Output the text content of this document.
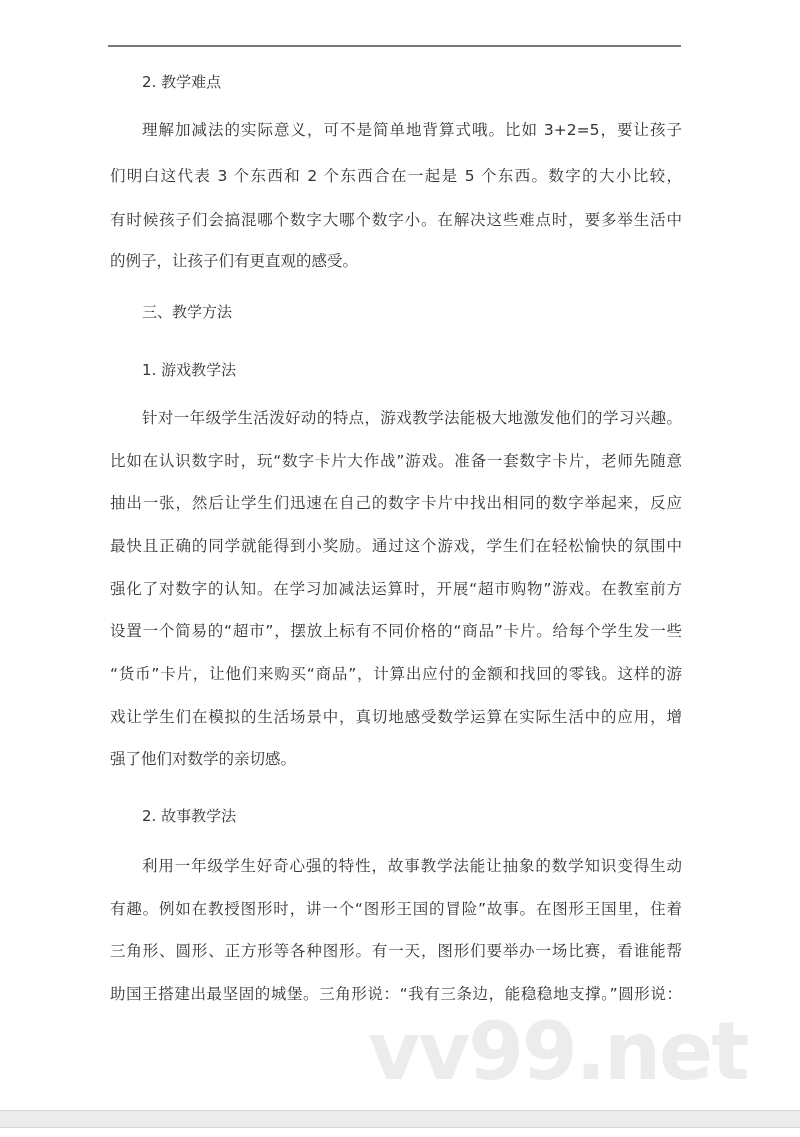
2. 教学难点
理解加减法的实际意义，可不是简单地背算式哦。比如 3+2=5，要让孩子
们明白这代表 3 个东西和 2 个东西合在一起是 5 个东西。数字的大小比较，
有时候孩子们会搞混哪个数字大哪个数字小。在解决这些难点时，要多举生活中
的例子，让孩子们有更直观的感受。
三、教学方法
1. 游戏教学法
针对一年级学生活泼好动的特点，游戏教学法能极大地激发他们的学习兴趣。
比如在认识数字时，玩“数字卡片大作战”游戏。准备一套数字卡片，老师先随意
抽出一张，然后让学生们迅速在自己的数字卡片中找出相同的数字举起来，反应
最快且正确的同学就能得到小奖励。通过这个游戏，学生们在轻松愉快的氛围中
强化了对数字的认知。在学习加减法运算时，开展“超市购物”游戏。在教室前方
设置一个简易的“超市”，摆放上标有不同价格的“商品”卡片。给每个学生发一些
“货币”卡片，让他们来购买“商品”，计算出应付的金额和找回的零钱。这样的游
戏让学生们在模拟的生活场景中，真切地感受数学运算在实际生活中的应用，增
强了他们对数学的亲切感。
2. 故事教学法
利用一年级学生好奇心强的特性，故事教学法能让抽象的数学知识变得生动
有趣。例如在教授图形时，讲一个“图形王国的冒险”故事。在图形王国里，住着
三角形、圆形、正方形等各种图形。有一天，图形们要举办一场比赛，看谁能帮
助国王搭建出最坚固的城堡。三角形说：“我有三条边，能稳稳地支撑。”圆形说：
vv99.net
